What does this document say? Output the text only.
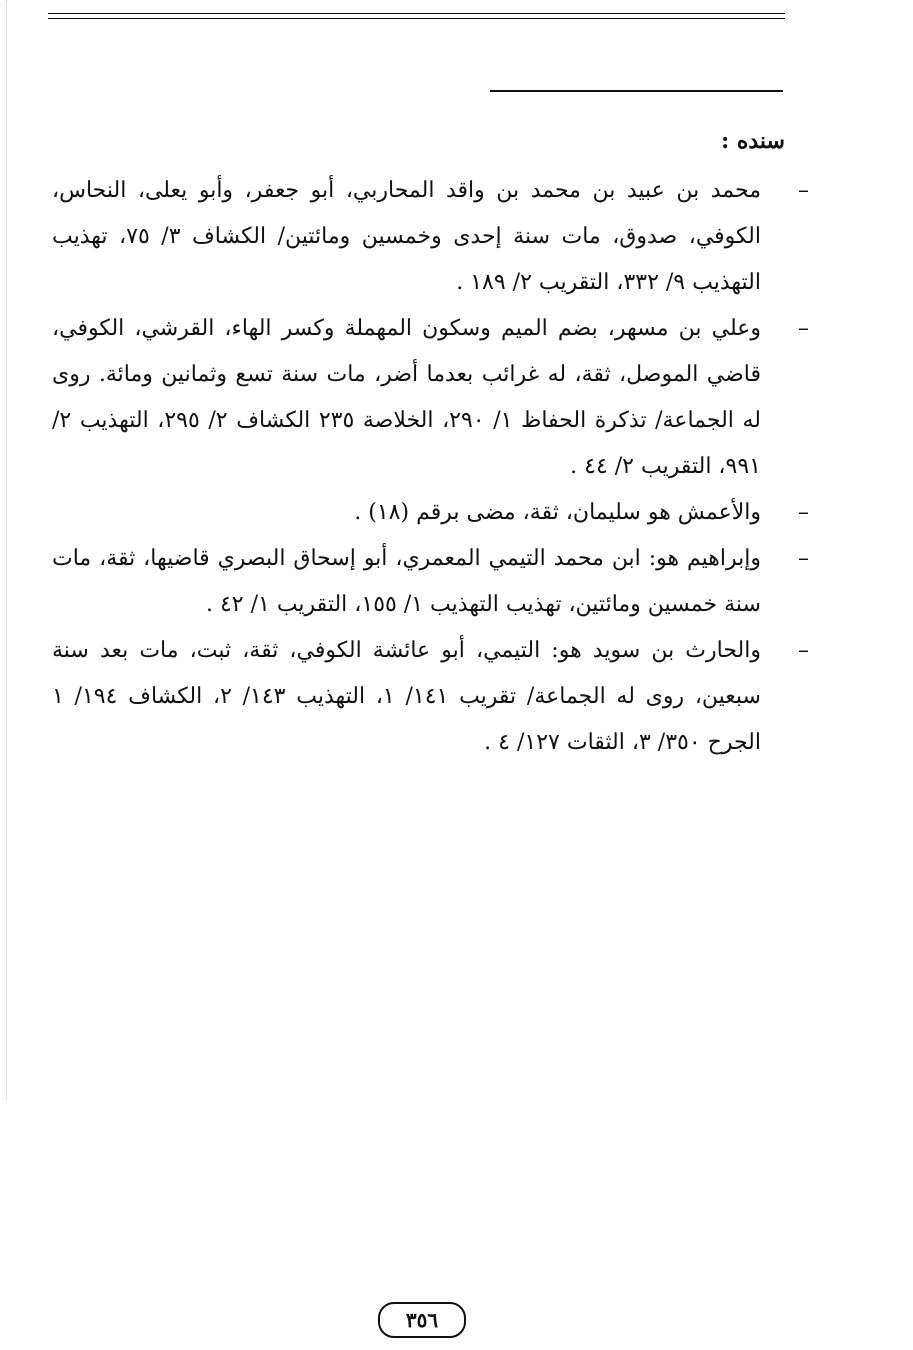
سنده :

–محمد بن عبيد بن محمد بن واقد المحاربي، أبو جعفر، وأبو يعلى، النحاس، الكوفي، صدوق، مات سنة إحدى وخمسين ومائتين/ الكشاف ٣/ ٧٥، تهذيب التهذيب ٩/ ٣٣٢، التقريب ٢/ ١٨٩ .

–وعلي بن مسهر، بضم الميم وسكون المهملة وكسر الهاء، القرشي، الكوفي، قاضي الموصل، ثقة، له غرائب بعدما أضر، مات سنة تسع وثمانين ومائة. روى له الجماعة/ تذكرة الحفاظ ١/ ٢٩٠، الخلاصة ٢٣٥ الكشاف ٢/ ٢٩٥، التهذيب ٢/ ٩٩١، التقريب ٢/ ٤٤ .

–والأعمش هو سليمان، ثقة، مضى برقم (١٨) .

–وإبراهيم هو: ابن محمد التيمي المعمري، أبو إسحاق البصري قاضيها، ثقة، مات سنة خمسين ومائتين، تهذيب التهذيب ١/ ١٥٥، التقريب ١/ ٤٢ .

–والحارث بن سويد هو: التيمي، أبو عائشة الكوفي، ثقة، ثبت، مات بعد سنة سبعين، روى له الجماعة/ تقريب ١٤١/ ١، التهذيب ١٤٣/ ٢، الكشاف ١٩٤/ ١ الجرح ٣٥٠/ ٣، الثقات ١٢٧/ ٤ .

٣٥٦
